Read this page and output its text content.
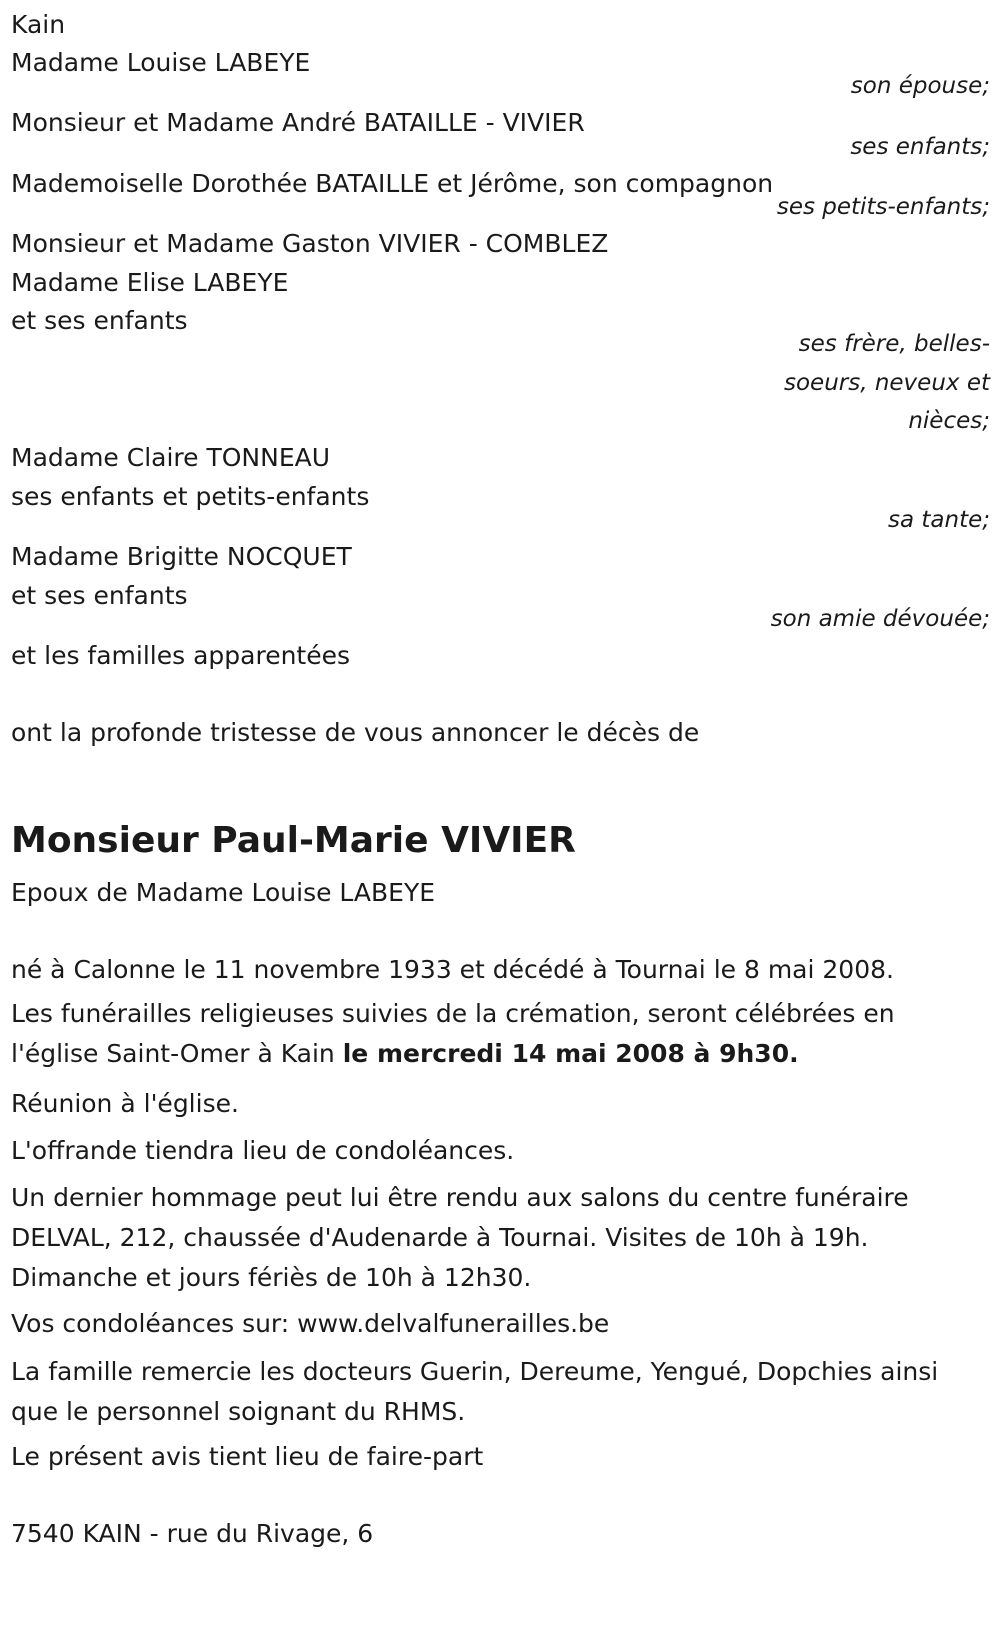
Kain
Madame Louise LABEYE
son épouse;
Monsieur et Madame André BATAILLE - VIVIER
ses enfants;
Mademoiselle Dorothée BATAILLE et Jérôme, son compagnon
ses petits-enfants;
Monsieur et Madame Gaston VIVIER - COMBLEZ
Madame Elise LABEYE
et ses enfants
ses frère, belles-
soeurs, neveux et
nièces;
Madame Claire TONNEAU
ses enfants et petits-enfants
sa tante;
Madame Brigitte NOCQUET
et ses enfants
son amie dévouée;
et les familles apparentées
ont la profonde tristesse de vous annoncer le décès de
Monsieur Paul-Marie VIVIER
Epoux de Madame Louise LABEYE
né à Calonne le 11 novembre 1933 et décédé à Tournai le 8 mai 2008.
Les funérailles religieuses suivies de la crémation, seront célébrées en l'église Saint-Omer à Kain le mercredi 14 mai 2008 à 9h30.
Réunion à l'église.
L'offrande tiendra lieu de condoléances.
Un dernier hommage peut lui être rendu aux salons du centre funéraire DELVAL, 212, chaussée d'Audenarde à Tournai. Visites de 10h à 19h. Dimanche et jours fériès de 10h à 12h30.
Vos condoléances sur: www.delvalfunerailles.be
La famille remercie les docteurs Guerin, Dereume, Yengué, Dopchies ainsi que le personnel soignant du RHMS.
Le présent avis tient lieu de faire-part
7540 KAIN - rue du Rivage, 6
